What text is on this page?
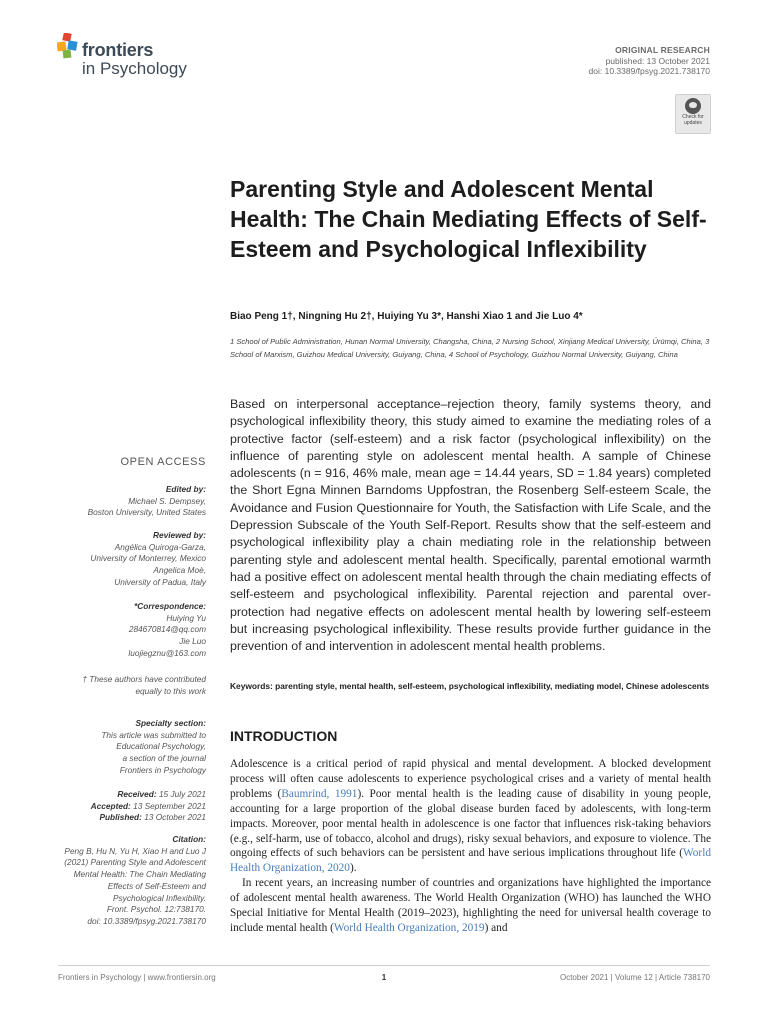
frontiers
in Psychology
ORIGINAL RESEARCH
published: 13 October 2021
doi: 10.3389/fpsyg.2021.738170
Check for updates
Parenting Style and Adolescent Mental Health: The Chain Mediating Effects of Self-Esteem and Psychological Inflexibility
Biao Peng 1†, Ningning Hu 2†, Huiying Yu 3*, Hanshi Xiao 1 and Jie Luo 4*
1 School of Public Administration, Hunan Normal University, Changsha, China, 2 Nursing School, Xinjiang Medical University, Ürümqi, China, 3 School of Marxism, Guizhou Medical University, Guiyang, China, 4 School of Psychology, Guizhou Normal University, Guiyang, China
Based on interpersonal acceptance–rejection theory, family systems theory, and psychological inflexibility theory, this study aimed to examine the mediating roles of a protective factor (self-esteem) and a risk factor (psychological inflexibility) on the influence of parenting style on adolescent mental health. A sample of Chinese adolescents (n = 916, 46% male, mean age = 14.44 years, SD = 1.84 years) completed the Short Egna Minnen Barndoms Uppfostran, the Rosenberg Self-esteem Scale, the Avoidance and Fusion Questionnaire for Youth, the Satisfaction with Life Scale, and the Depression Subscale of the Youth Self-Report. Results show that the self-esteem and psychological inflexibility play a chain mediating role in the relationship between parenting style and adolescent mental health. Specifically, parental emotional warmth had a positive effect on adolescent mental health through the chain mediating effects of self-esteem and psychological inflexibility. Parental rejection and parental over-protection had negative effects on adolescent mental health by lowering self-esteem but increasing psychological inflexibility. These results provide further guidance in the prevention of and intervention in adolescent mental health problems.
Keywords: parenting style, mental health, self-esteem, psychological inflexibility, mediating model, Chinese adolescents
OPEN ACCESS
Edited by:
Michael S. Dempsey,
Boston University, United States
Reviewed by:
Angélica Quiroga-Garza,
University of Monterrey, Mexico
Angelica Moè,
University of Padua, Italy
*Correspondence:
Huiying Yu
284670814@qq.com
Jie Luo
luojiegznu@163.com
† These authors have contributed
equally to this work
Specialty section:
This article was submitted to
Educational Psychology,
a section of the journal
Frontiers in Psychology
Received: 15 July 2021
Accepted: 13 September 2021
Published: 13 October 2021
Citation:
Peng B, Hu N, Yu H, Xiao H and Luo J
(2021) Parenting Style and Adolescent
Mental Health: The Chain Mediating
Effects of Self-Esteem and
Psychological Inflexibility.
Front. Psychol. 12:738170.
doi: 10.3389/fpsyg.2021.738170
INTRODUCTION

Adolescence is a critical period of rapid physical and mental development. A blocked development process will often cause adolescents to experience psychological crises and a variety of mental health problems (Baumrind, 1991). Poor mental health is the leading cause of disability in young people, accounting for a large proportion of the global disease burden faced by adolescents, with long-term impacts. Moreover, poor mental health in adolescence is one factor that influences risk-taking behaviors (e.g., self-harm, use of tobacco, alcohol and drugs), risky sexual behaviors, and exposure to violence. The ongoing effects of such behaviors can be persistent and have serious implications throughout life (World Health Organization, 2020).

In recent years, an increasing number of countries and organizations have highlighted the importance of adolescent mental health awareness. The World Health Organization (WHO) has launched the WHO Special Initiative for Mental Health (2019–2023), highlighting the need for universal health coverage to include mental health (World Health Organization, 2019) and

Frontiers in Psychology | www.frontiersin.org	1	October 2021 | Volume 12 | Article 738170
